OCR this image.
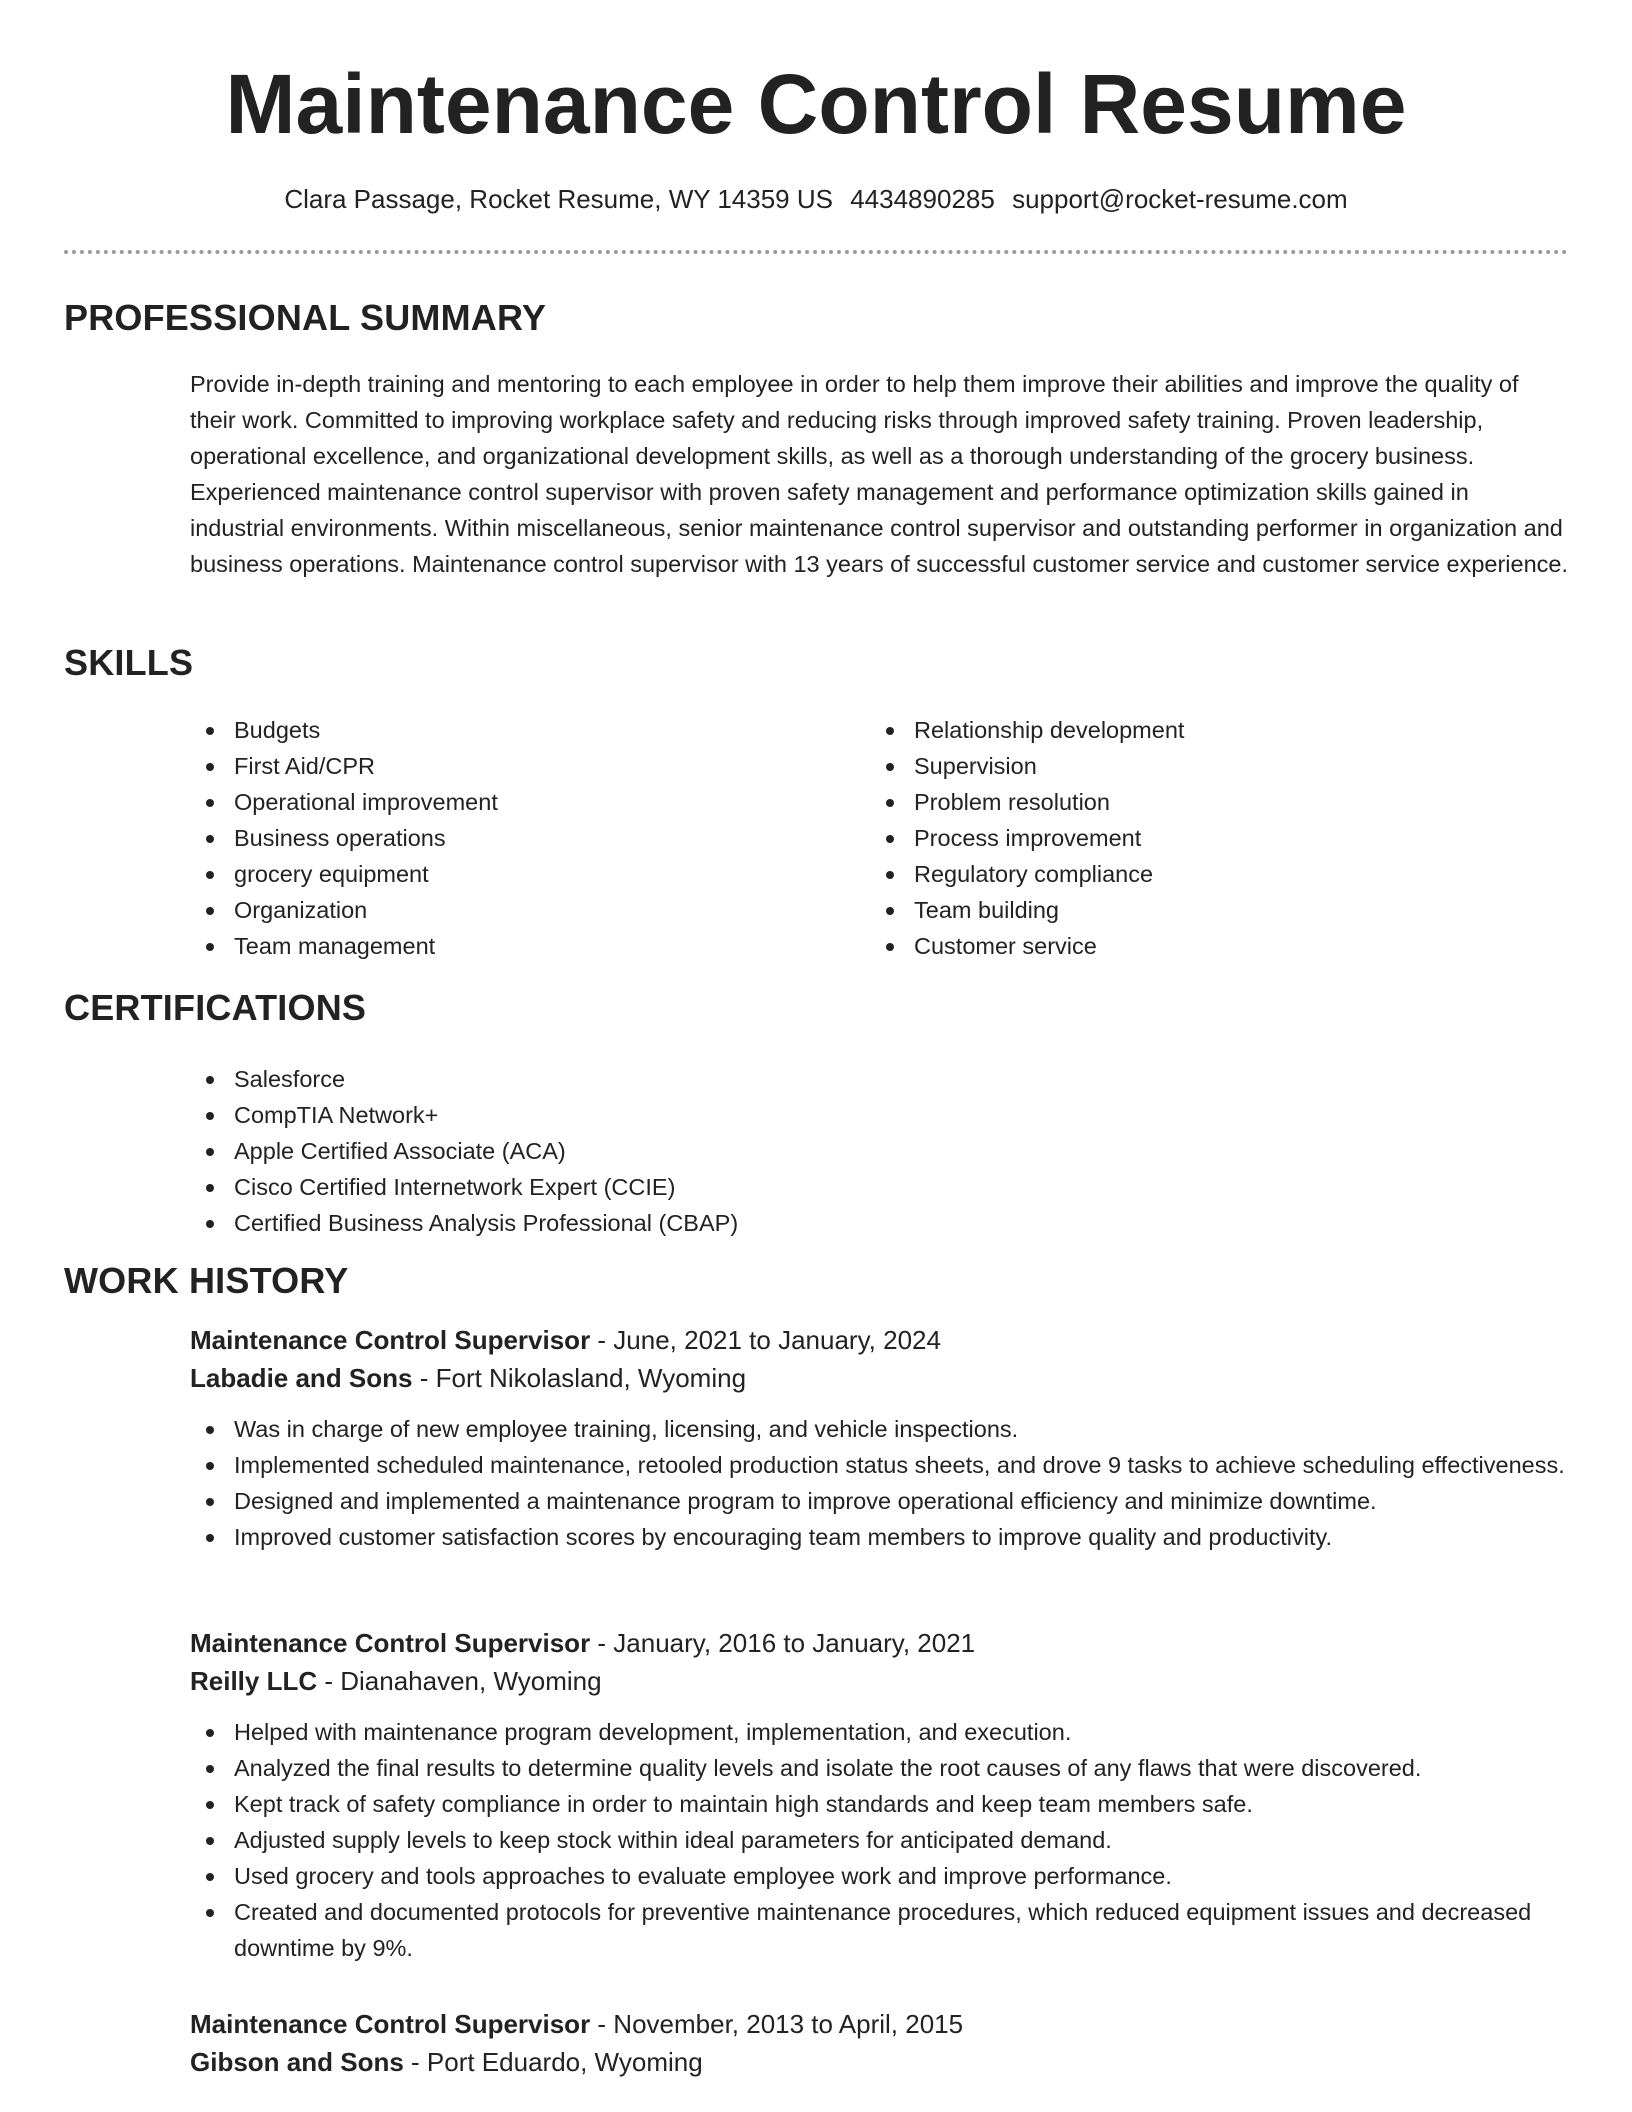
Maintenance Control Resume
Clara Passage, Rocket Resume, WY 14359 US 4434890285 support@rocket-resume.com
PROFESSIONAL SUMMARY

Provide in-depth training and mentoring to each employee in order to help them improve their abilities and improve the quality of their work. Committed to improving workplace safety and reducing risks through improved safety training. Proven leadership, operational excellence, and organizational development skills, as well as a thorough understanding of the grocery business. Experienced maintenance control supervisor with proven safety management and performance optimization skills gained in industrial environments. Within miscellaneous, senior maintenance control supervisor and outstanding performer in organization and business operations. Maintenance control supervisor with 13 years of successful customer service and customer service experience.

SKILLS
Budgets
First Aid/CPR
Operational improvement
Business operations
grocery equipment
Organization
Team management
Relationship development
Supervision
Problem resolution
Process improvement
Regulatory compliance
Team building
Customer service
CERTIFICATIONS
Salesforce
CompTIA Network+
Apple Certified Associate (ACA)
Cisco Certified Internetwork Expert (CCIE)
Certified Business Analysis Professional (CBAP)
WORK HISTORY
Maintenance Control Supervisor - June, 2021 to January, 2024
Labadie and Sons - Fort Nikolasland, Wyoming
Was in charge of new employee training, licensing, and vehicle inspections.
Implemented scheduled maintenance, retooled production status sheets, and drove 9 tasks to achieve scheduling effectiveness.
Designed and implemented a maintenance program to improve operational efficiency and minimize downtime.
Improved customer satisfaction scores by encouraging team members to improve quality and productivity.
Maintenance Control Supervisor - January, 2016 to January, 2021
Reilly LLC - Dianahaven, Wyoming
Helped with maintenance program development, implementation, and execution.
Analyzed the final results to determine quality levels and isolate the root causes of any flaws that were discovered.
Kept track of safety compliance in order to maintain high standards and keep team members safe.
Adjusted supply levels to keep stock within ideal parameters for anticipated demand.
Used grocery and tools approaches to evaluate employee work and improve performance.
Created and documented protocols for preventive maintenance procedures, which reduced equipment issues and decreased downtime by 9%.
Maintenance Control Supervisor - November, 2013 to April, 2015
Gibson and Sons - Port Eduardo, Wyoming
